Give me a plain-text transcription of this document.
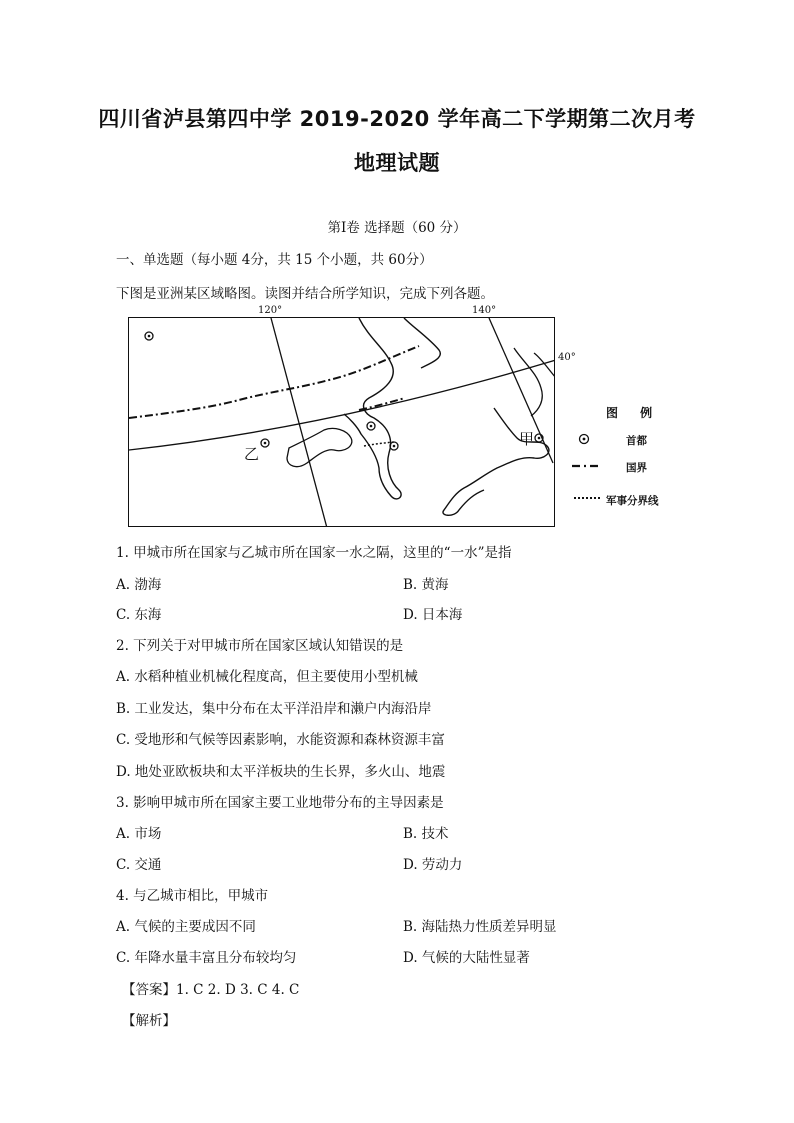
四川省泸县第四中学 2019-2020 学年高二下学期第二次月考
地理试题
第Ⅰ卷 选择题（60 分）
一、单选题（每小题 4分，共 15 个小题，共 60分）
下图是亚洲某区域略图。读图并结合所学知识，完成下列各题。
120°	140°
40°
乙
甲
图 例
首都
国界
军事分界线
1. 甲城市所在国家与乙城市所在国家一水之隔，这里的“一水”是指
A. 渤海	B. 黄海
C. 东海	D. 日本海
2. 下列关于对甲城市所在国家区域认知错误的是
A. 水稻种植业机械化程度高，但主要使用小型机械
B. 工业发达，集中分布在太平洋沿岸和濑户内海沿岸
C. 受地形和气候等因素影响，水能资源和森林资源丰富
D. 地处亚欧板块和太平洋板块的生长界，多火山、地震
3. 影响甲城市所在国家主要工业地带分布的主导因素是
A. 市场	B. 技术
C. 交通	D. 劳动力
4. 与乙城市相比，甲城市
A. 气候的主要成因不同	B. 海陆热力性质差异明显
C. 年降水量丰富且分布较均匀	D. 气候的大陆性显著
【答案】1. C 2. D 3. C 4. C
【解析】
